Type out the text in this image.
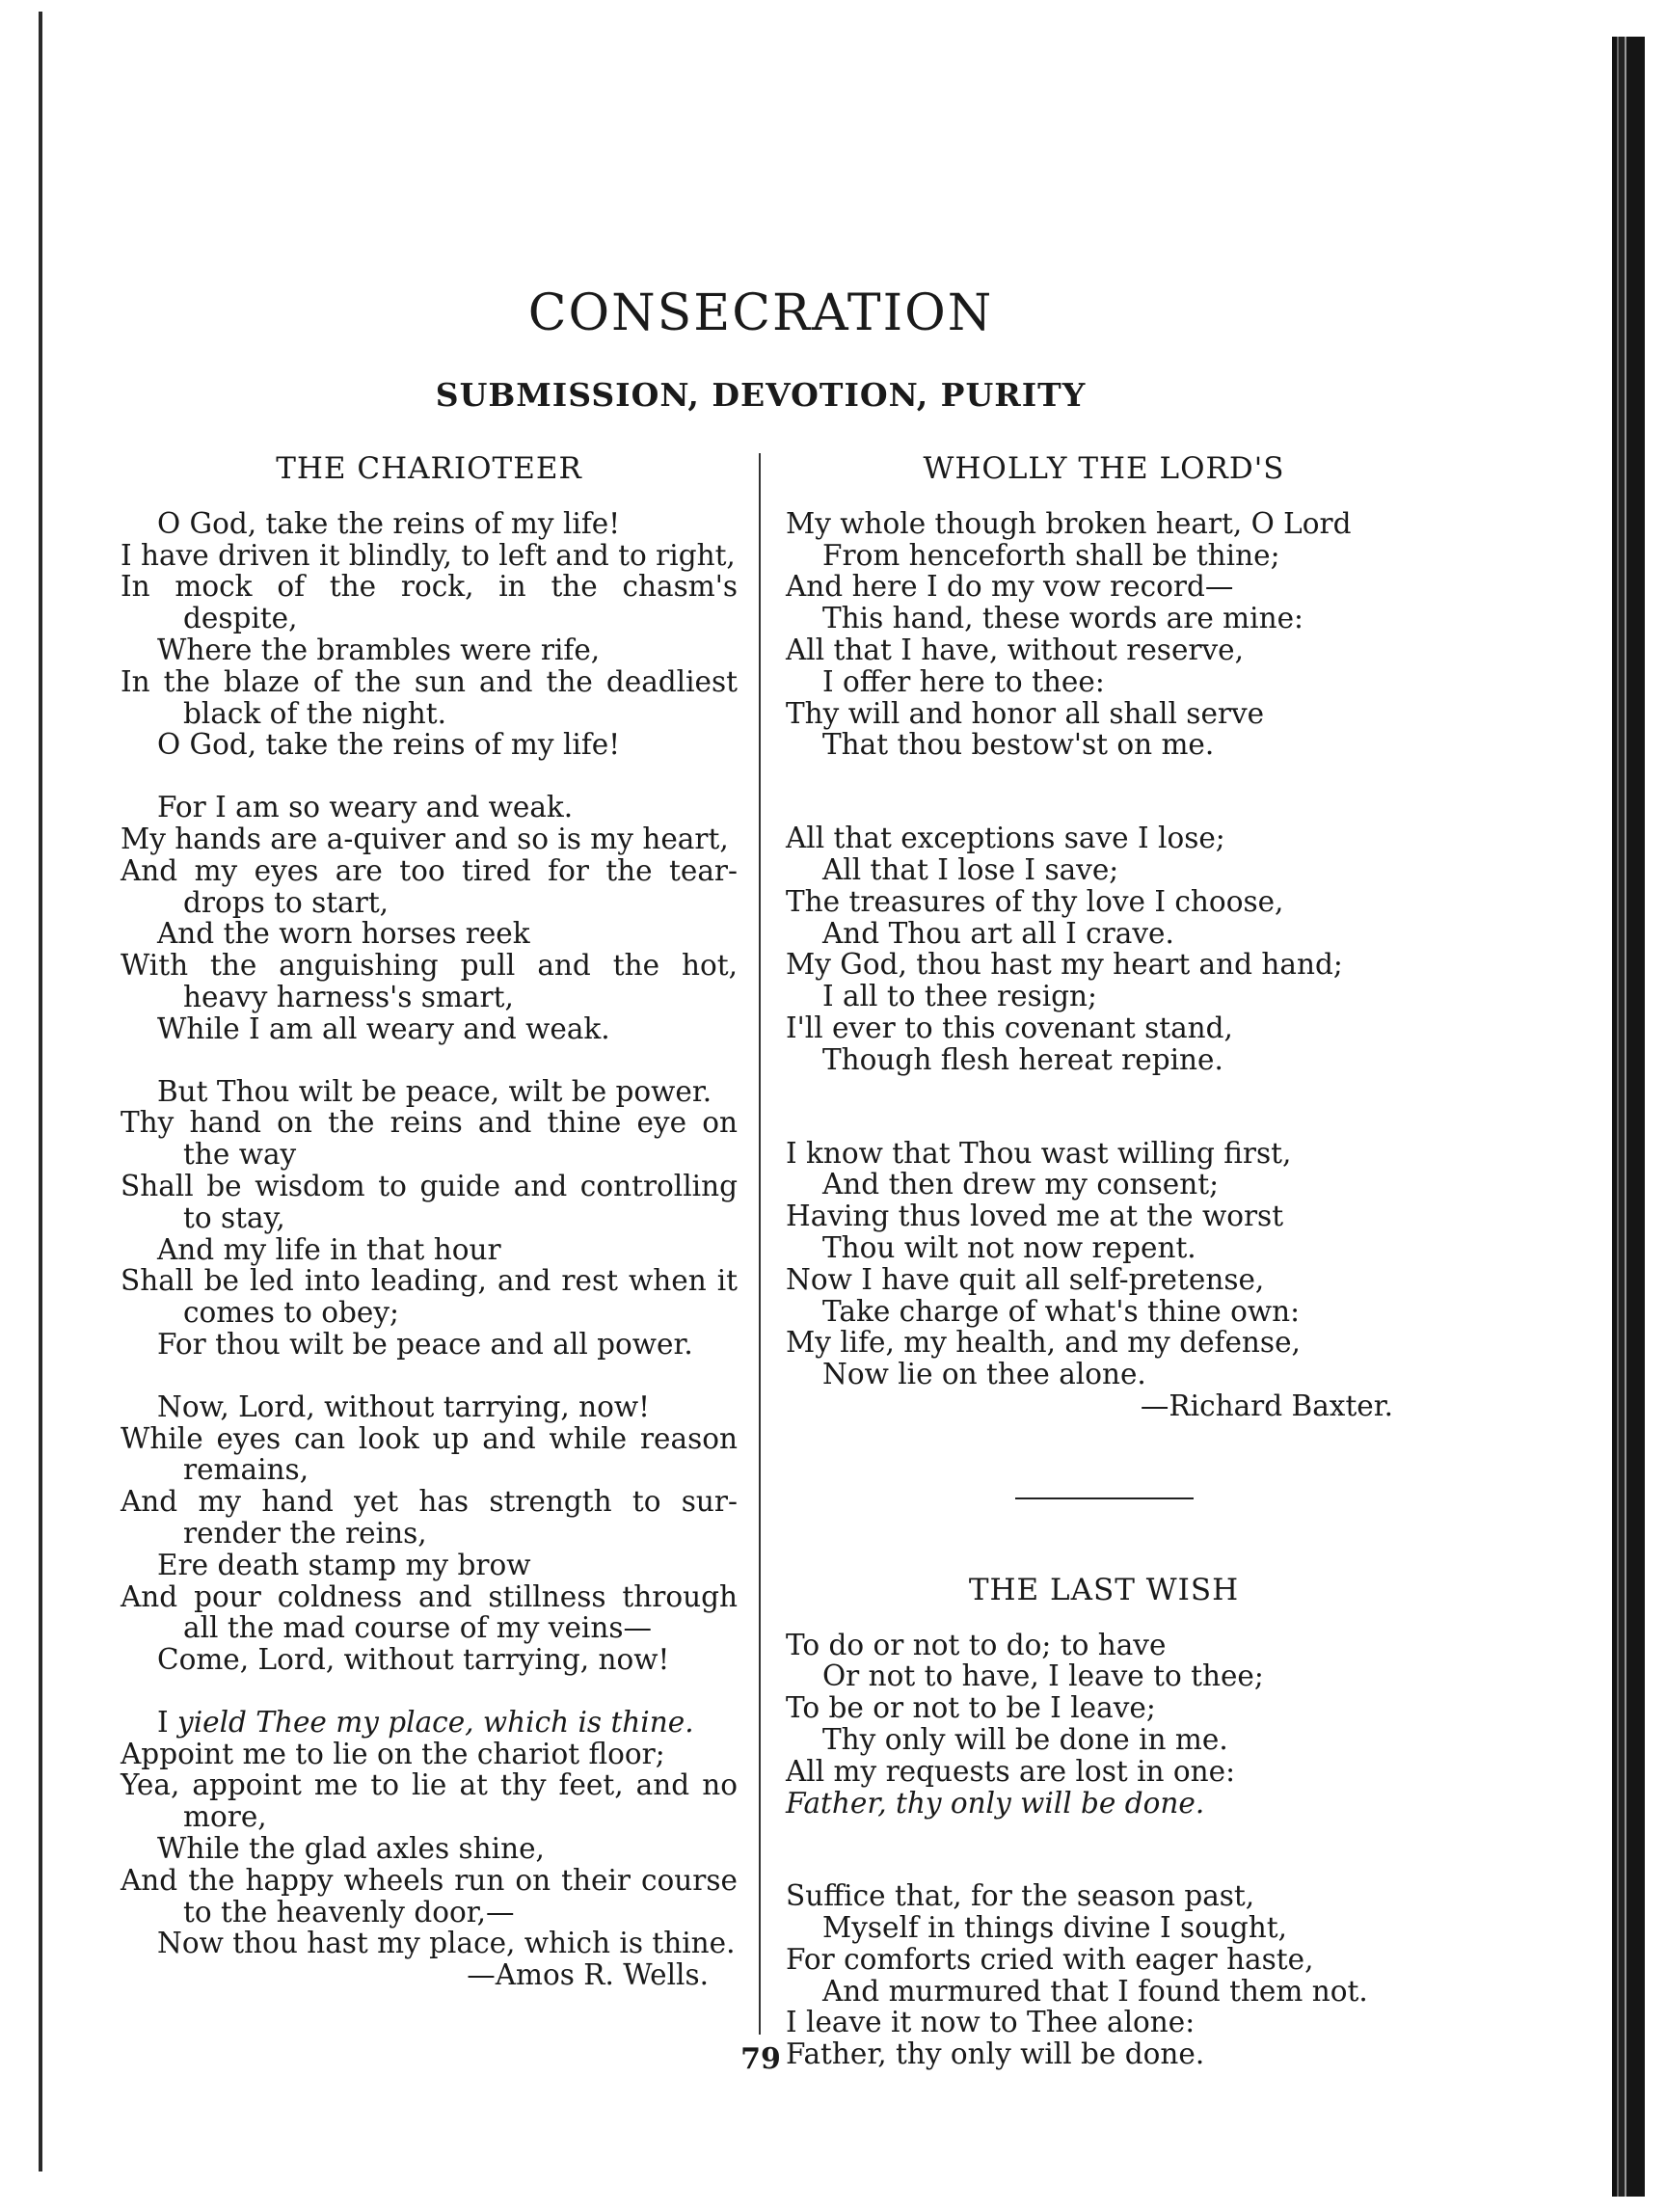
CONSECRATION
SUBMISSION, DEVOTION, PURITY
THE CHARIOTEER
O God, take the reins of my life!
I have driven it blindly, to left and to right,
In mock of the rock, in the chasm's despite,
Where the brambles were rife,
In the blaze of the sun and the deadliest black of the night.
O God, take the reins of my life!
For I am so weary and weak.
My hands are a-quiver and so is my heart,
And my eyes are too tired for the tear-drops to start,
And the worn horses reek
With the anguishing pull and the hot, heavy harness's smart,
While I am all weary and weak.
But Thou wilt be peace, wilt be power.
Thy hand on the reins and thine eye on the way
Shall be wisdom to guide and controlling to stay,
And my life in that hour
Shall be led into leading, and rest when it comes to obey;
For thou wilt be peace and all power.
Now, Lord, without tarrying, now!
While eyes can look up and while reason remains,
And my hand yet has strength to sur-render the reins,
Ere death stamp my brow
And pour coldness and stillness through all the mad course of my veins—
Come, Lord, without tarrying, now!
I yield Thee my place, which is thine.
Appoint me to lie on the chariot floor;
Yea, appoint me to lie at thy feet, and no more,
While the glad axles shine,
And the happy wheels run on their course to the heavenly door,—
Now thou hast my place, which is thine.
—Amos R. Wells.
WHOLLY THE LORD'S
My whole though broken heart, O Lord
From henceforth shall be thine;
And here I do my vow record—
This hand, these words are mine:
All that I have, without reserve,
I offer here to thee:
Thy will and honor all shall serve
That thou bestow'st on me.
All that exceptions save I lose;
All that I lose I save;
The treasures of thy love I choose,
And Thou art all I crave.
My God, thou hast my heart and hand;
I all to thee resign;
I'll ever to this covenant stand,
Though flesh hereat repine.
I know that Thou wast willing first,
And then drew my consent;
Having thus loved me at the worst
Thou wilt not now repent.
Now I have quit all self-pretense,
Take charge of what's thine own:
My life, my health, and my defense,
Now lie on thee alone.
—Richard Baxter.
THE LAST WISH
To do or not to do; to have
Or not to have, I leave to thee;
To be or not to be I leave;
Thy only will be done in me.
All my requests are lost in one:
Father, thy only will be done.
Suffice that, for the season past,
Myself in things divine I sought,
For comforts cried with eager haste,
And murmured that I found them not.
I leave it now to Thee alone:
Father, thy only will be done.
79
